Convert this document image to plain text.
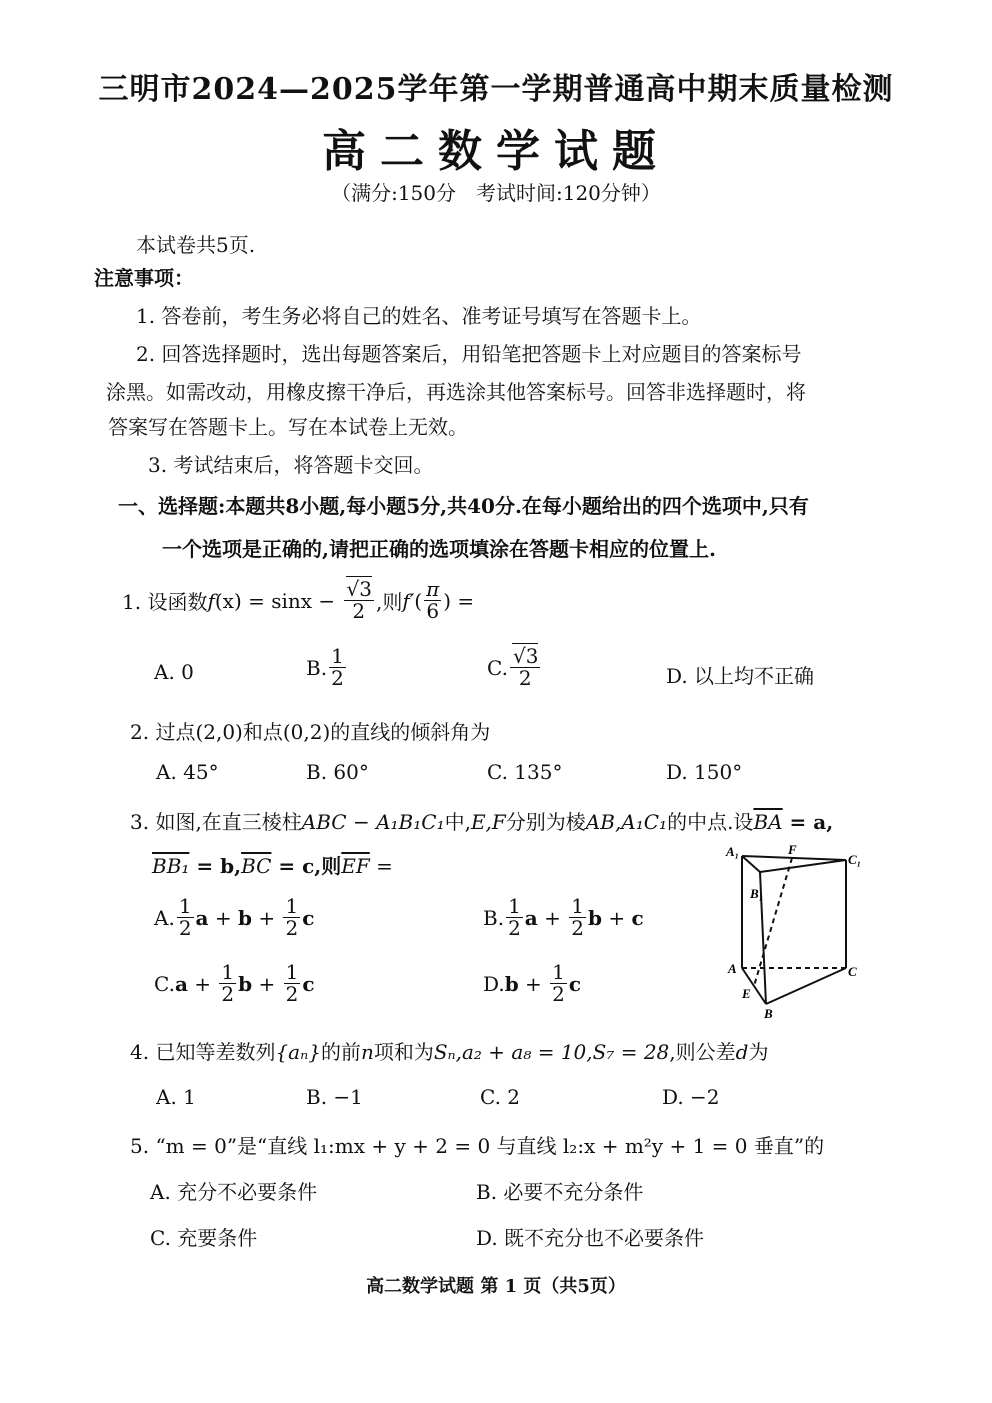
三明市2024—2025学年第一学期普通高中期末质量检测
高二数学试题
（满分:150分　考试时间:120分钟）
本试卷共5页.
注意事项：
1. 答卷前，考生务必将自己的姓名、准考证号填写在答题卡上。
2. 回答选择题时，选出每题答案后，用铅笔把答题卡上对应题目的答案标号
涂黑。如需改动，用橡皮擦干净后，再选涂其他答案标号。回答非选择题时，将
答案写在答题卡上。写在本试卷上无效。
3. 考试结束后，将答题卡交回。
一、选择题:本题共8小题,每小题5分,共40分.在每小题给出的四个选项中,只有
一个选项是正确的,请把正确的选项填涂在答题卡相应的位置上.
1. 设函数 f $(x) = \sin x - \frac{√3}{2}$ ,则 f′ ( $\frac{\pi}{6}$ ) =
A. 0	B. $\frac{1}{2}$	C. $\frac{√3}{2}$	D. 以上均不正确
2. 过点(2,0)和点(0,2)的直线的倾斜角为
A. 45°	B. 60°	C. 135°	D. 150°
3. 如图,在直三棱柱ABC − A₁B₁C₁中,E,F分别为棱AB,A₁C₁的中点.设$\overline{BA} = a$,
$BB_1 = b,\overline{BC} = c$,则$\overline{EF}$ =
A. $\frac{1}{2}$ $a + b + \frac{1}{2}$ c	B. $\frac{1}{2}$ $a + \frac{1}{2}$ b + c
C. $a + \frac{1}{2}$ $b + \frac{1}{2}$ c	D. $b + \frac{1}{2}$ c
A₁	F
C₁
B₁
A	C
E
B
4. 已知等差数列{aₙ}的前n项和为Sₙ,a₂ + a₈ = 10,S₇ = 28,则公差d为
A. 1	B. −1	C. 2	D. −2
5. “m = 0”是“直线 l₁:mx + y + 2 = 0 与直线 l₂:x + m²y + 1 = 0 垂直”的
A. 充分不必要条件	B. 必要不充分条件
C. 充要条件	D. 既不充分也不必要条件
高二数学试题 第 1 页（共5页）
